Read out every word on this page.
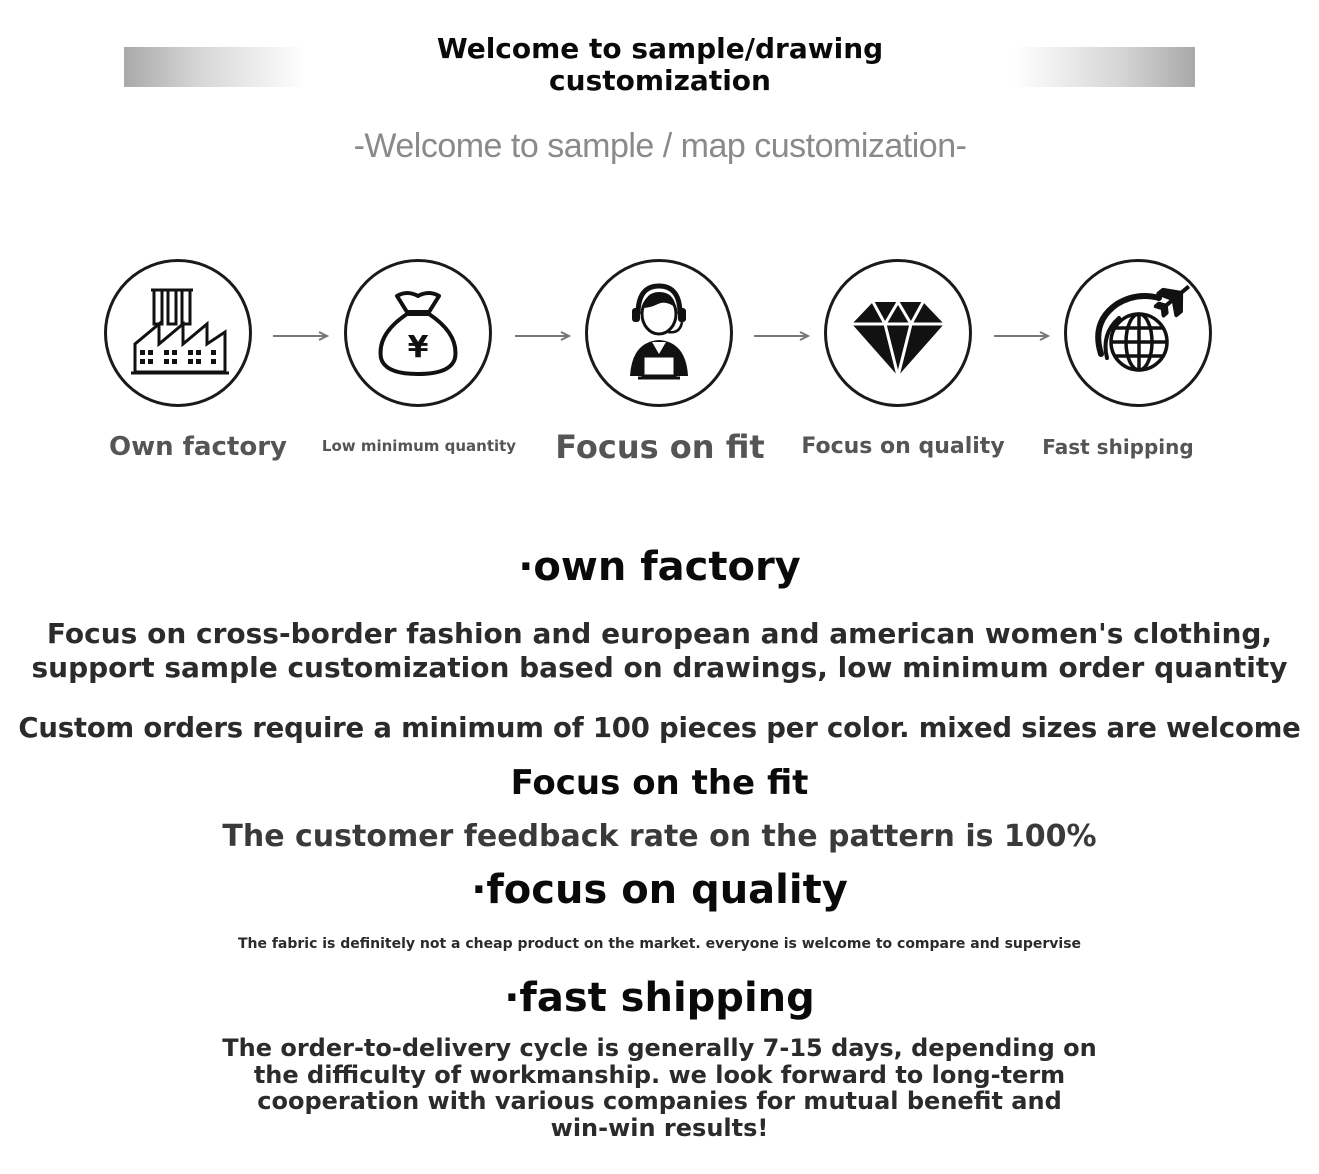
Welcome to sample/drawing
customization
-Welcome to sample / map customization-
¥
Own factory	Low minimum quantity	Focus on fit Focus on quality	Fast shipping
·own factory
Focus on cross-border fashion and european and american women's clothing,
support sample customization based on drawings, low minimum order quantity
Custom orders require a minimum of 100 pieces per color. mixed sizes are welcome
Focus on the fit
The customer feedback rate on the pattern is 100%
·focus on quality
The fabric is definitely not a cheap product on the market. everyone is welcome to compare and supervise
·fast shipping
The order-to-delivery cycle is generally 7-15 days, depending on
the difficulty of workmanship. we look forward to long-term
cooperation with various companies for mutual benefit and
win-win results!
